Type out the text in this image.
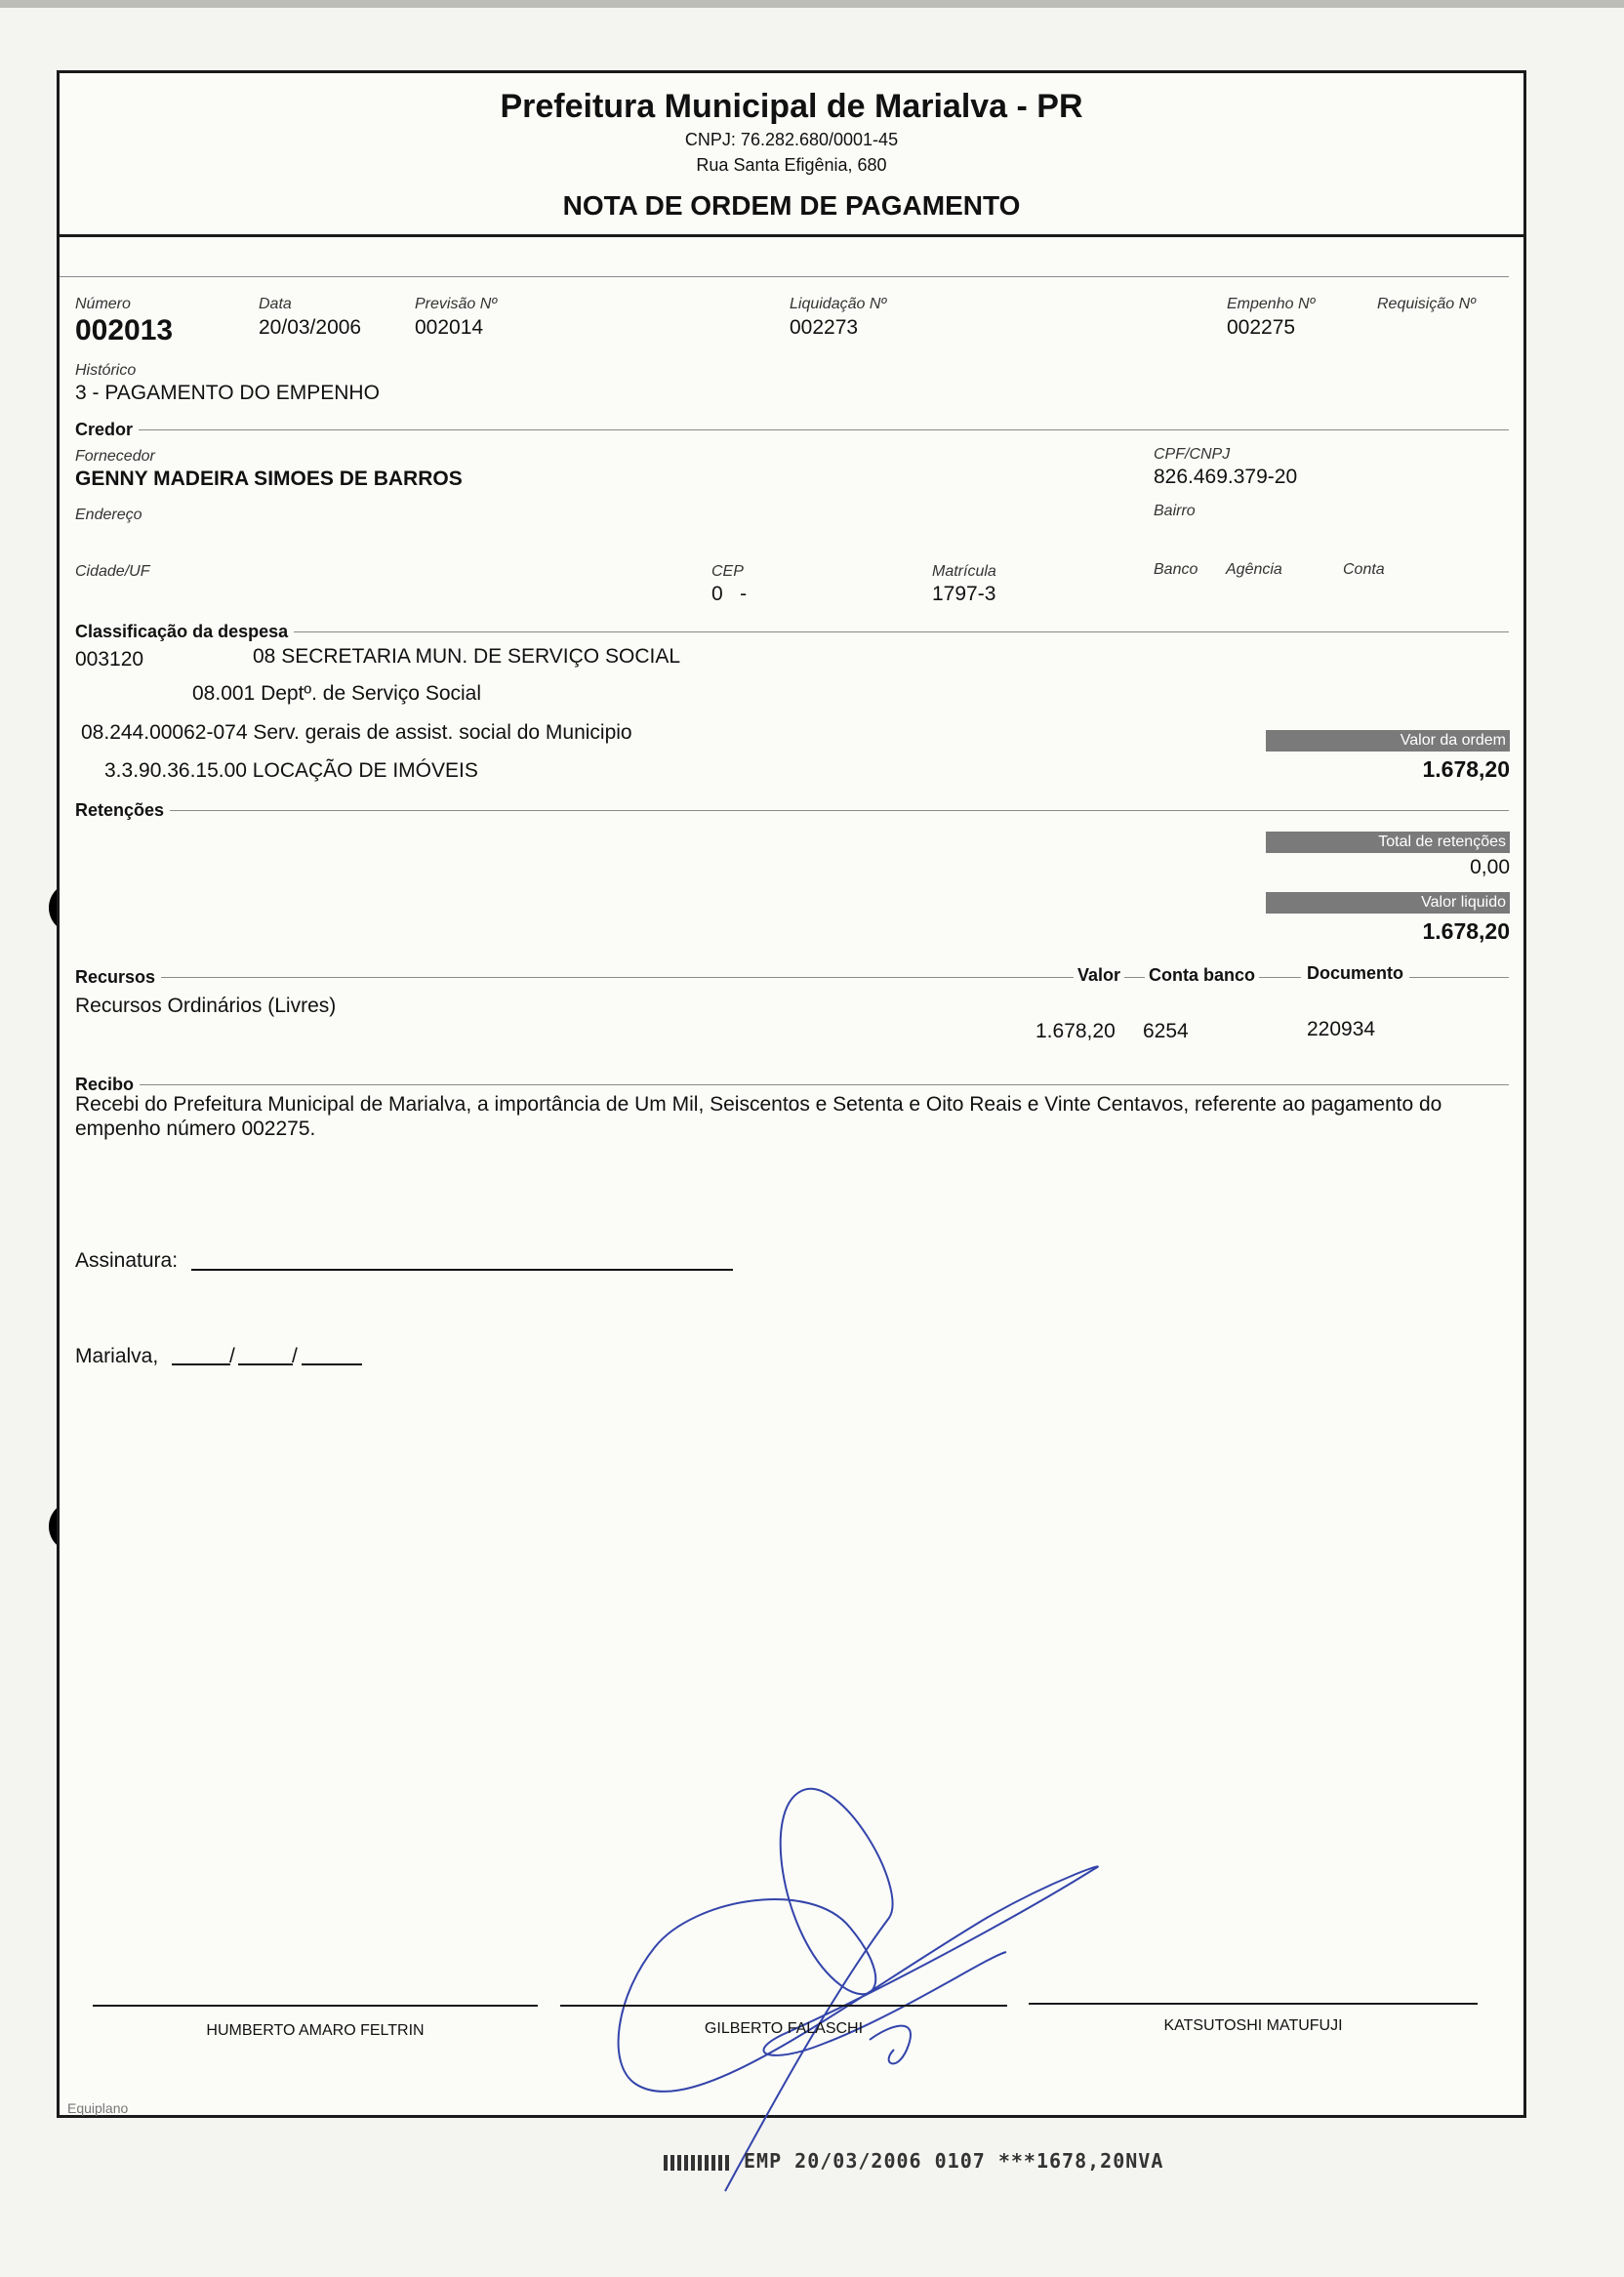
Prefeitura Municipal de Marialva - PR
CNPJ: 76.282.680/0001-45
Rua Santa Efigênia, 680
NOTA DE ORDEM DE PAGAMENTO
Número
002013
Data
20/03/2006
Previsão Nº
002014
Liquidação Nº
002273
Empenho Nº
002275
Requisição Nº
Histórico
3 - PAGAMENTO DO EMPENHO
Credor
Fornecedor
GENNY MADEIRA SIMOES DE BARROS
CPF/CNPJ
826.469.379-20
Endereço	Bairro
Cidade/UF	CEP
0   -
Matrícula
1797-3
Banco Agência	Conta
Classificação da despesa
003120	08 SECRETARIA MUN. DE SERVIÇO SOCIAL
08.001 Deptº. de Serviço Social
08.244.00062-074 Serv. gerais de assist. social do Municipio
3.3.90.36.15.00 LOCAÇÃO DE IMÓVEIS
Valor da ordem
1.678,20
Retenções
Total de retenções
0,00
Valor liquido
1.678,20
Recursos	Valor Conta banco	Documento
Recursos Ordinários (Livres)
1.678,20 6254	220934
Recibo
Recebi do Prefeitura Municipal de Marialva, a importância de Um Mil, Seiscentos e Setenta e Oito Reais e Vinte Centavos, referente ao pagamento do empenho número 002275.
Assinatura:
Marialva,	/	/
HUMBERTO AMARO FELTRIN	GILBERTO FALASCHI	KATSUTOSHI MATUFUJI
Equiplano
EMP 20/03/2006 0107 ***1678,20NVA
